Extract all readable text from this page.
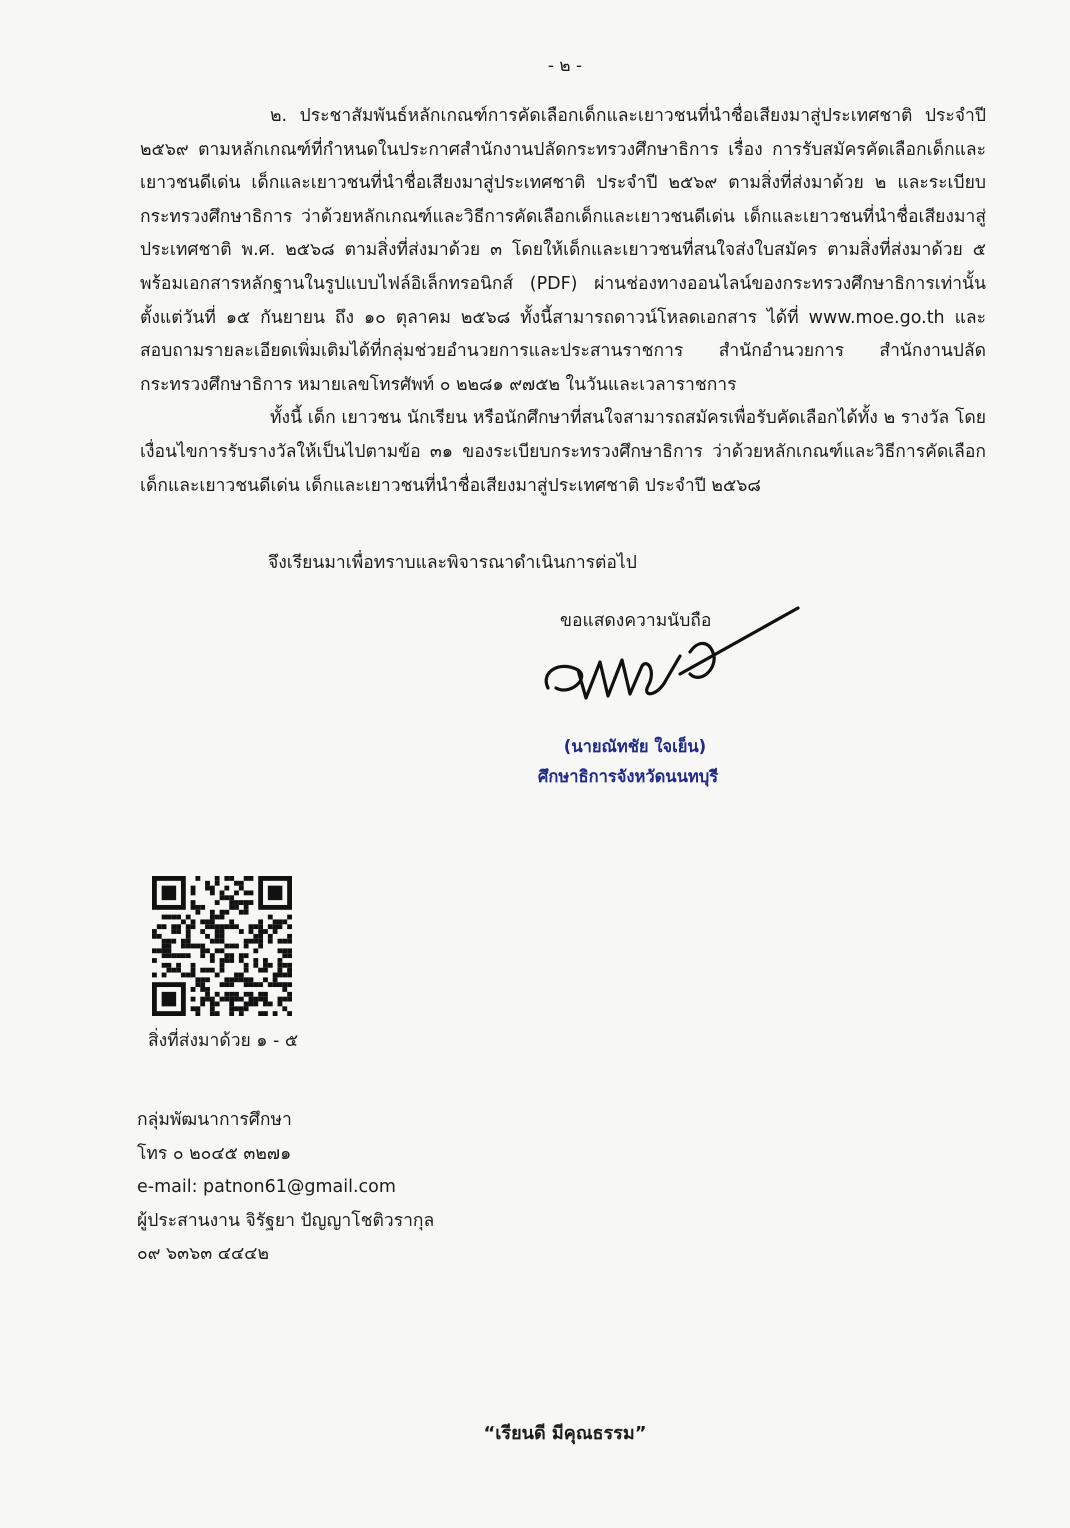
- ๒ -

๒. ประชาสัมพันธ์หลักเกณฑ์การคัดเลือกเด็กและเยาวชนที่นำชื่อเสียงมาสู่ประเทศชาติ ประจำปี ๒๕๖๙ ตามหลักเกณฑ์ที่กำหนดในประกาศสำนักงานปลัดกระทรวงศึกษาธิการ เรื่อง การรับสมัครคัดเลือกเด็กและเยาวชนดีเด่น เด็กและเยาวชนที่นำชื่อเสียงมาสู่ประเทศชาติ ประจำปี ๒๕๖๙ ตามสิ่งที่ส่งมาด้วย ๒ และระเบียบกระทรวงศึกษาธิการ ว่าด้วยหลักเกณฑ์และวิธีการคัดเลือกเด็กและเยาวชนดีเด่น เด็กและเยาวชนที่นำชื่อเสียงมาสู่ประเทศชาติ พ.ศ. ๒๕๖๘ ตามสิ่งที่ส่งมาด้วย ๓ โดยให้เด็กและเยาวชนที่สนใจส่งใบสมัคร ตามสิ่งที่ส่งมาด้วย ๕ พร้อมเอกสารหลักฐานในรูปแบบไฟล์อิเล็กทรอนิกส์ (PDF) ผ่านช่องทางออนไลน์ของกระทรวงศึกษาธิการเท่านั้น ตั้งแต่วันที่ ๑๕ กันยายน ถึง ๑๐ ตุลาคม ๒๕๖๘ ทั้งนี้สามารถดาวน์โหลดเอกสาร ได้ที่ www.moe.go.th และสอบถามรายละเอียดเพิ่มเติมได้ที่กลุ่มช่วยอำนวยการและประสานราชการ สำนักอำนวยการ สำนักงานปลัดกระทรวงศึกษาธิการ หมายเลขโทรศัพท์ ๐ ๒๒๘๑ ๙๗๕๒ ในวันและเวลาราชการ

ทั้งนี้ เด็ก เยาวชน นักเรียน หรือนักศึกษาที่สนใจสามารถสมัครเพื่อรับคัดเลือกได้ทั้ง ๒ รางวัล โดยเงื่อนไขการรับรางวัลให้เป็นไปตามข้อ ๓๑ ของระเบียบกระทรวงศึกษาธิการ ว่าด้วยหลักเกณฑ์และวิธีการคัดเลือกเด็กและเยาวชนดีเด่น เด็กและเยาวชนที่นำชื่อเสียงมาสู่ประเทศชาติ ประจำปี ๒๕๖๘

จึงเรียนมาเพื่อทราบและพิจารณาดำเนินการต่อไป
ขอแสดงความนับถือ
(นายณัทชัย ใจเย็น)
ศึกษาธิการจังหวัดนนทบุรี
สิ่งที่ส่งมาด้วย ๑ - ๕
กลุ่มพัฒนาการศึกษา
โทร ๐ ๒๐๔๕ ๓๒๗๑
e-mail: patnon61@gmail.com
ผู้ประสานงาน จิรัฐยา ปัญญาโชติวรากุล
๐๙ ๖๓๖๓ ๔๔๔๒
“เรียนดี มีคุณธรรม”
